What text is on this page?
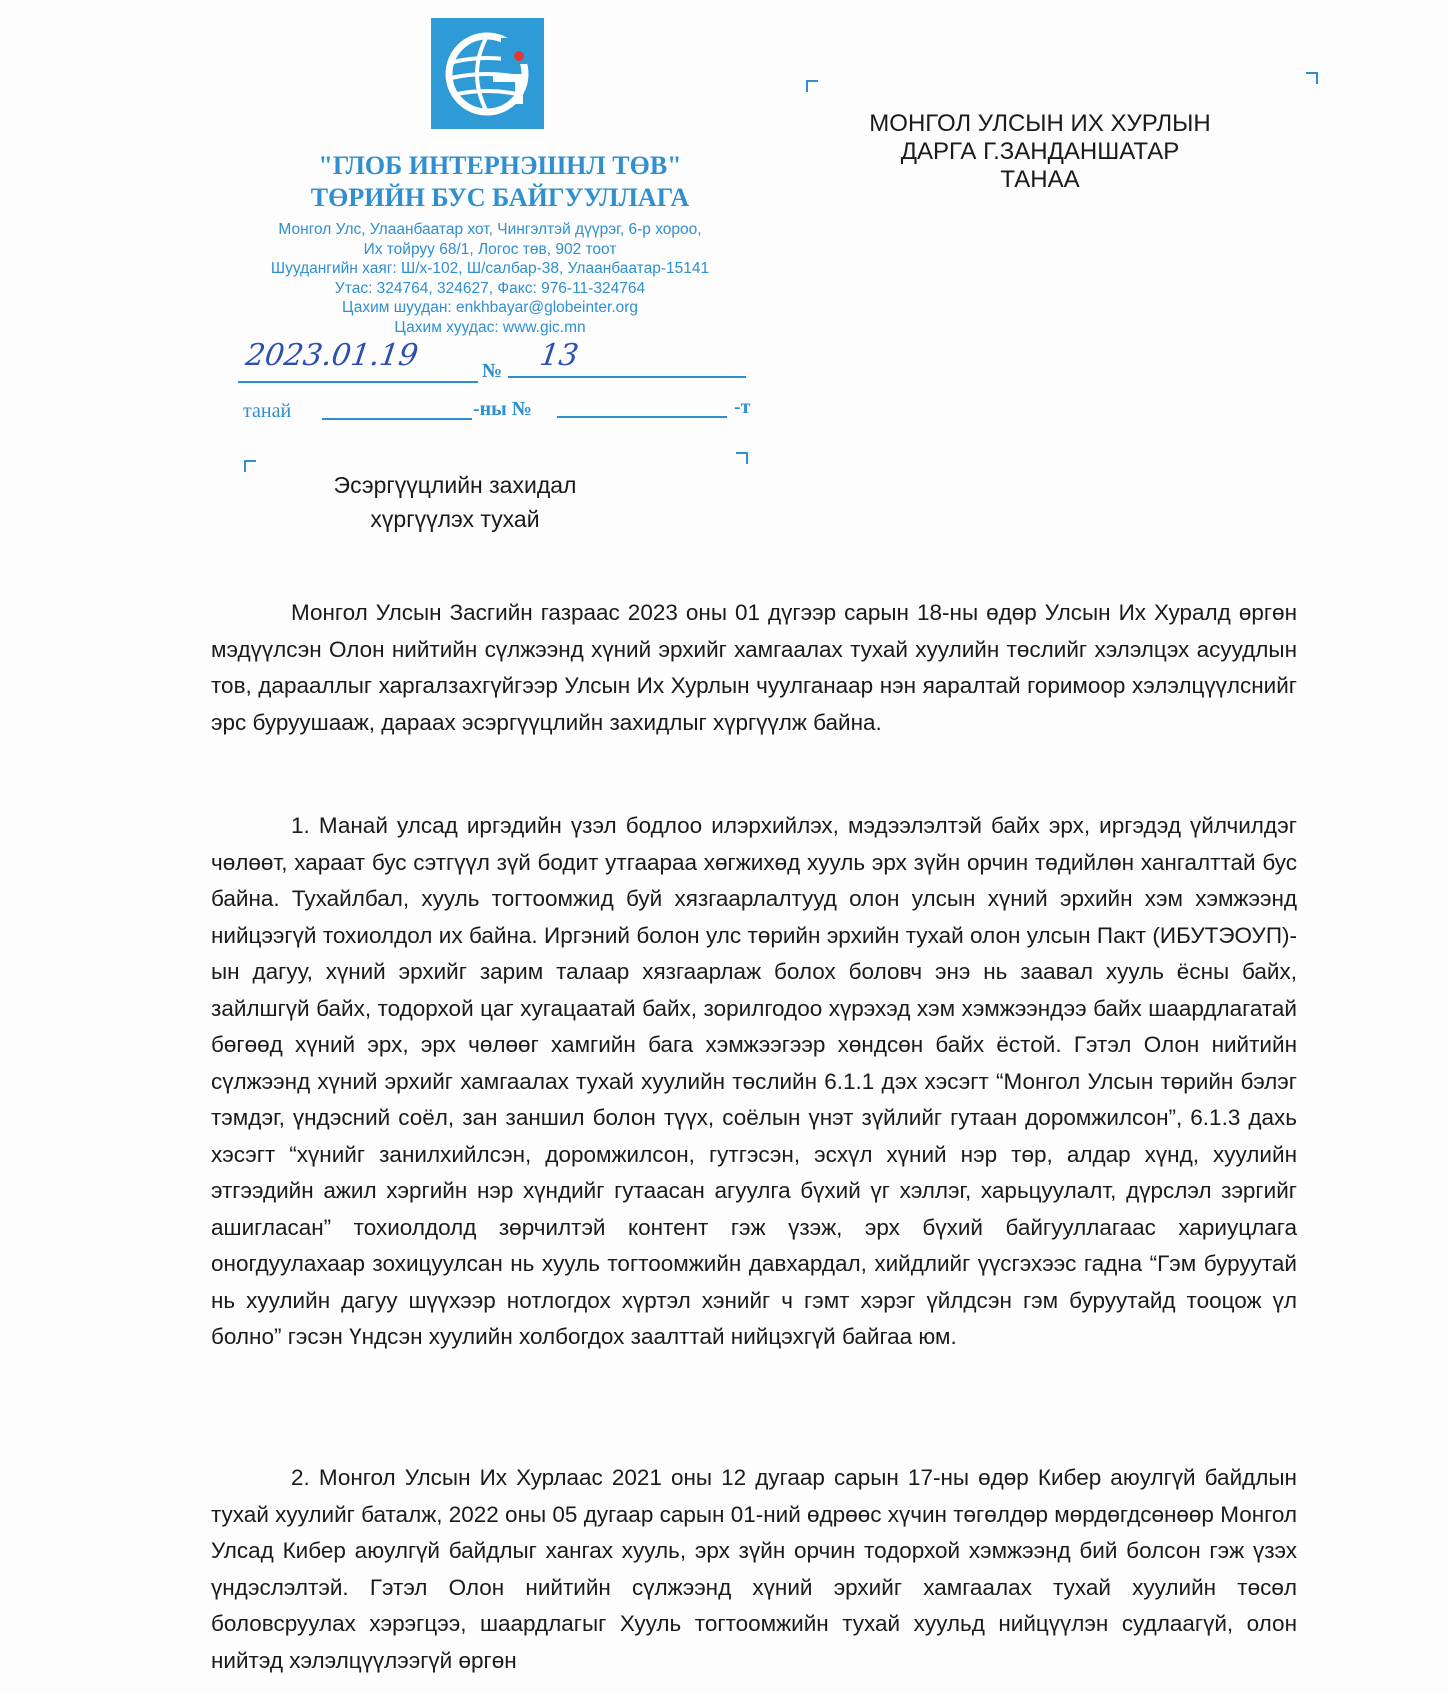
"ГЛОБ ИНТЕРНЭШНЛ ТӨВ"
ТӨРИЙН БУС БАЙГУУЛЛАГА
Монгол Улс, Улаанбаатар хот, Чингэлтэй дүүрэг, 6-р хороо,
Их тойруу 68/1, Логос төв, 902 тоот
Шуудангийн хаяг: Ш/х-102, Ш/салбар-38, Улаанбаатар-15141
Утас: 324764, 324627, Факс: 976-11-324764
Цахим шуудан: enkhbayar@globeinter.org
Цахим хуудас: www.gic.mn
2023.01.19	№ 13
танай	-ны №	-т
МОНГОЛ УЛСЫН ИХ ХУРЛЫН
ДАРГА Г.ЗАНДАНШАТАР
ТАНАА
Эсэргүүцлийн захидал
хүргүүлэх тухай

Монгол Улсын Засгийн газраас 2023 оны 01 дүгээр сарын 18-ны өдөр Улсын Их Хуралд өргөн мэдүүлсэн Олон нийтийн сүлжээнд хүний эрхийг хамгаалах тухай хуулийн төслийг хэлэлцэх асуудлын тов, дарааллыг харгалзахгүйгээр Улсын Их Хурлын чуулганаар нэн яаралтай горимоор хэлэлцүүлснийг эрс буруушааж, дараах эсэргүүцлийн захидлыг хүргүүлж байна.

1. Манай улсад иргэдийн үзэл бодлоо илэрхийлэх, мэдээлэлтэй байх эрх, иргэдэд үйлчилдэг чөлөөт, хараат бус сэтгүүл зүй бодит утгаараа хөгжихөд хууль эрх зүйн орчин төдийлөн хангалттай бус байна. Тухайлбал, хууль тогтоомжид буй хязгаарлалтууд олон улсын хүний эрхийн хэм хэмжээнд нийцээгүй тохиолдол их байна. Иргэний болон улс төрийн эрхийн тухай олон улсын Пакт (ИБУТЭОУП)-ын дагуу, хүний эрхийг зарим талаар хязгаарлаж болох боловч энэ нь заавал хууль ёсны байх, зайлшгүй байх, тодорхой цаг хугацаатай байх, зорилгодоо хүрэхэд хэм хэмжээндээ байх шаардлагатай бөгөөд хүний эрх, эрх чөлөөг хамгийн бага хэмжээгээр хөндсөн байх ёстой. Гэтэл Олон нийтийн сүлжээнд хүний эрхийг хамгаалах тухай хуулийн төслийн 6.1.1 дэх хэсэгт “Монгол Улсын төрийн бэлэг тэмдэг, үндэсний соёл, зан заншил болон түүх, соёлын үнэт зүйлийг гутаан доромжилсон”, 6.1.3 дахь хэсэгт “хүнийг занилхийлсэн, доромжилсон, гутгэсэн, эсхүл хүний нэр төр, алдар хүнд, хуулийн этгээдийн ажил хэргийн нэр хүндийг гутаасан агуулга бүхий үг хэллэг, харьцуулалт, дүрслэл зэргийг ашигласан” тохиолдолд зөрчилтэй контент гэж үзэж, эрх бүхий байгууллагаас хариуцлага оногдуулахаар зохицуулсан нь хууль тогтоомжийн давхардал, хийдлийг үүсгэхээс гадна “Гэм буруутай нь хуулийн дагуу шүүхээр нотлогдох хүртэл хэнийг ч гэмт хэрэг үйлдсэн гэм буруутайд тооцож үл болно” гэсэн Үндсэн хуулийн холбогдох заалттай нийцэхгүй байгаа юм.

2. Монгол Улсын Их Хурлаас 2021 оны 12 дугаар сарын 17-ны өдөр Кибер аюулгүй байдлын тухай хуулийг баталж, 2022 оны 05 дугаар сарын 01-ний өдрөөс хүчин төгөлдөр мөрдөгдсөнөөр Монгол Улсад Кибер аюулгүй байдлыг хангах хууль, эрх зүйн орчин тодорхой хэмжээнд бий болсон гэж үзэх үндэслэлтэй. Гэтэл Олон нийтийн сүлжээнд хүний эрхийг хамгаалах тухай хуулийн төсөл боловсруулах хэрэгцээ, шаардлагыг Хууль тогтоомжийн тухай хуульд нийцүүлэн судлаагүй, олон нийтэд хэлэлцүүлээгүй өргөн
